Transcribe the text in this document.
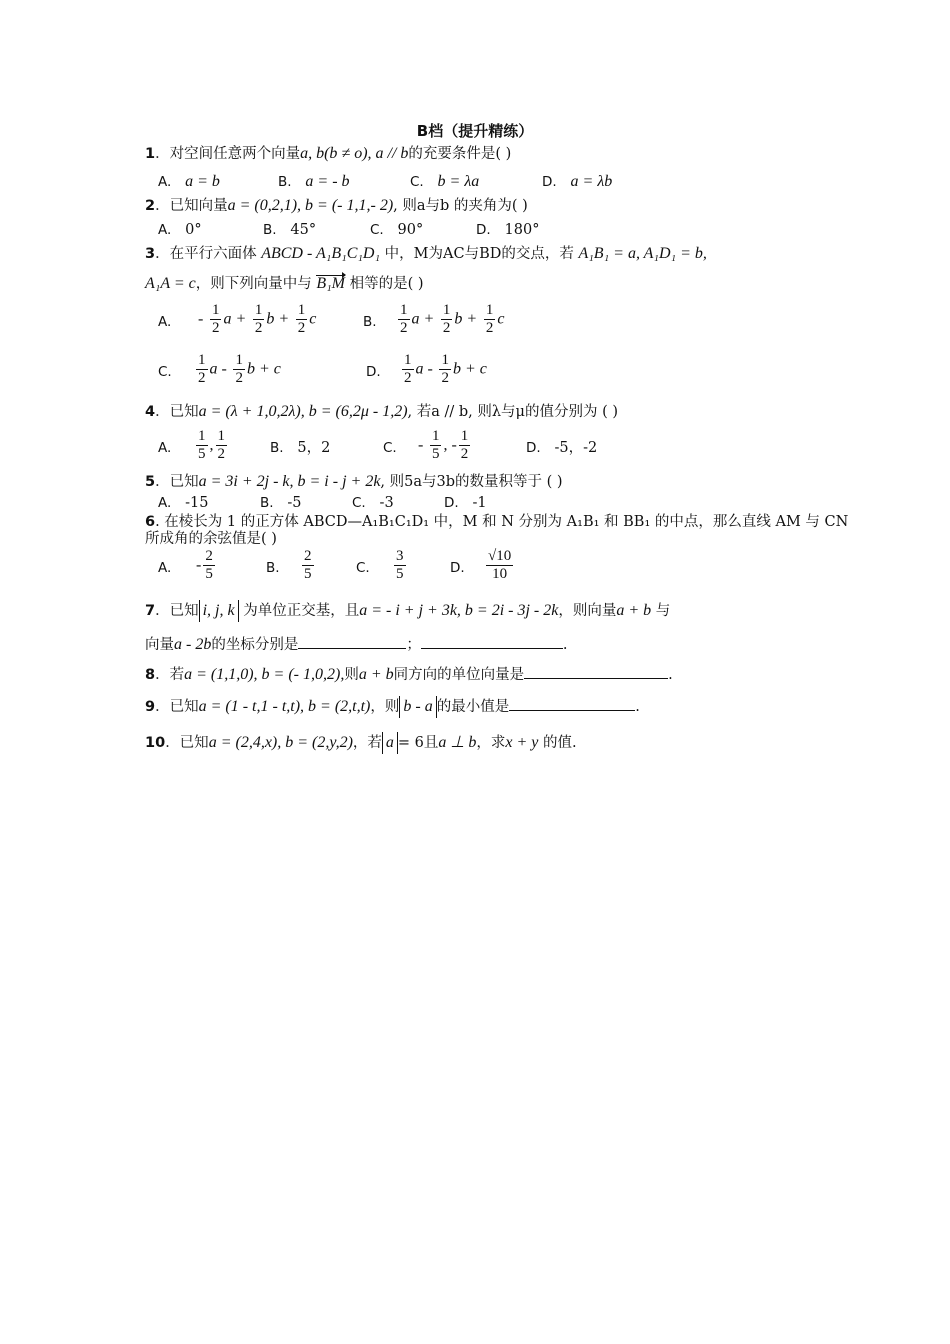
B档（提升精练）
1．对空间任意两个向量a, b(b ≠ o), a // b的充要条件是( )
A. a = b	B. a = - b	C. b = λa	D. a = λb
2．已知向量a = (0,2,1), b = (- 1,1,- 2), 则a与b 的夹角为( )
A. 0°	B. 45°	C. 90°	D. 180°
3．在平行六面体 ABCD - A₁B₁C₁D₁ 中，M为AC与BD的交点，若 A₁B₁ = a, A₁D₁ = b,
A₁A = c，则下列向量中与 B₁M 相等的是( )
A. - $\frac{1}{2}$ $a + \frac{1}{2}$ $b + \frac{1}{2}$ c	B. $\frac{1}{2}$ $a + \frac{1}{2}$ $b + \frac{1}{2}$ c
C. $\frac{1}{2}$ a - $\frac{1}{2}$ b + c	D. $\frac{1}{2}$ a - $\frac{1}{2}$ b + c
4．已知a = (λ + 1,0,2λ), b = (6,2μ - 1,2), 若a // b, 则λ与μ的值分别为 ( )
A. $\frac{1}{5}$ , $\frac{1}{2}$	B. 5，2	C. - $\frac{1}{5}$ , - $\frac{1}{2}$	D. -5，-2
5．已知a = 3i + 2j - k, b = i - j + 2k, 则5a与3b的数量积等于 ( )
A. -15	B. -5	C. -3	D. -1
6. 在棱长为 1 的正方体 ABCD—A₁B₁C₁D₁ 中，M 和 N 分别为 A₁B₁ 和 BB₁ 的中点，那么直线 AM 与 CN
所成角的余弦值是( )
A. - $\frac{2}{5}$	B. $\frac{2}{5}$	C. $\frac{3}{5}$	D. $\frac{√10}{10}$
7．已知 i, j, k 为单位正交基，且a = - i + j + 3k, b = 2i - 3j - 2k，则向量a + b 与
向量a - 2b的坐标分别是	；	.
8．若a = (1,1,0), b = (- 1,0,2),则a + b同方向的单位向量是	.
9．已知a = (1 - t,1 - t,t), b = (2,t,t)，则 b - a 的最小值是	.
10．已知a = (2,4,x), b = (2,y,2)，若 a = 6且a ⊥ b，求x + y 的值.
